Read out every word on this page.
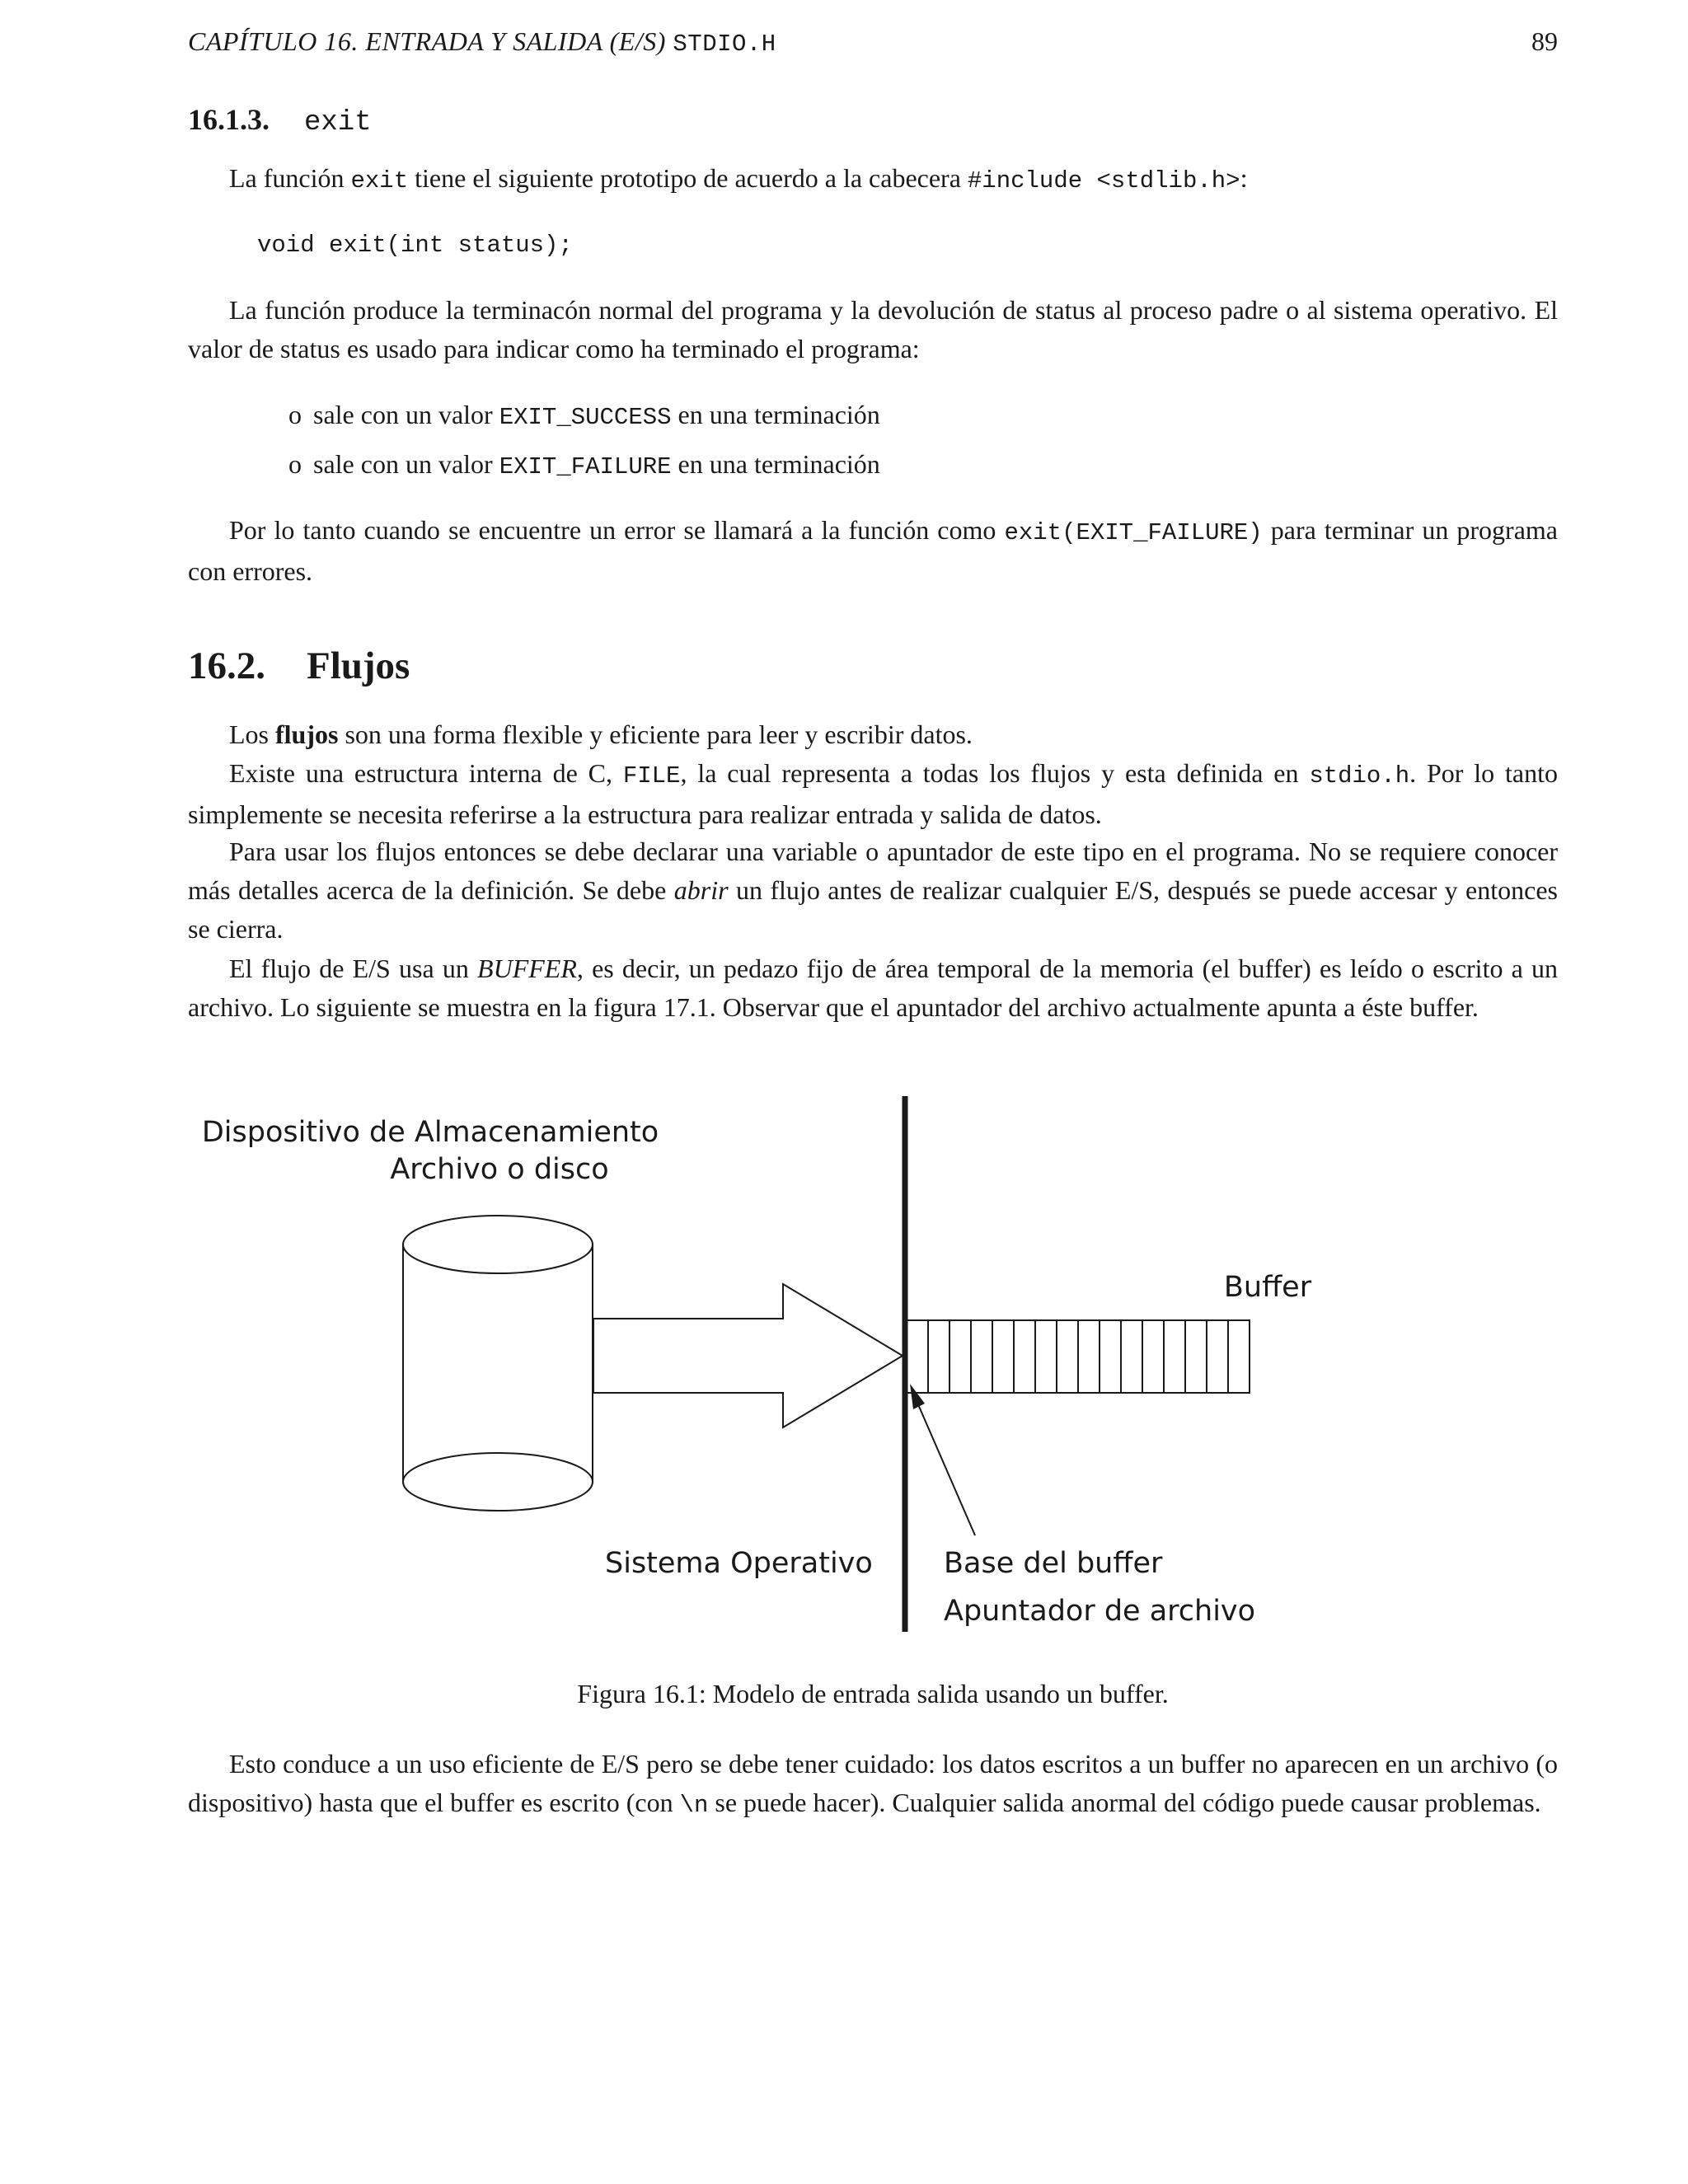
CAPÍTULO 16. ENTRADA Y SALIDA (E/S) STDIO.H	89
16.1.3. exit
La función exit tiene el siguiente prototipo de acuerdo a la cabecera #include <stdlib.h>:
void exit(int status);
La función produce la terminacón normal del programa y la devolución de status al proceso padre o al sistema operativo. El valor de status es usado para indicar como ha terminado el programa:
o sale con un valor EXIT_SUCCESS en una terminación
o sale con un valor EXIT_FAILURE en una terminación
Por lo tanto cuando se encuentre un error se llamará a la función como exit(EXIT_FAILURE) para terminar un programa con errores.
16.2. Flujos
Los flujos son una forma flexible y eficiente para leer y escribir datos.
Existe una estructura interna de C, FILE, la cual representa a todas los flujos y esta definida en stdio.h. Por lo tanto simplemente se necesita referirse a la estructura para realizar entrada y salida de datos.
Para usar los flujos entonces se debe declarar una variable o apuntador de este tipo en el programa. No se requiere conocer más detalles acerca de la definición. Se debe abrir un flujo antes de realizar cualquier E/S, después se puede accesar y entonces se cierra.
El flujo de E/S usa un BUFFER, es decir, un pedazo fijo de área temporal de la memoria (el buffer) es leído o escrito a un archivo. Lo siguiente se muestra en la figura 17.1. Observar que el apuntador del archivo actualmente apunta a éste buffer.
Dispositivo de Almacenamiento
Archivo o disco
Buffer
Sistema Operativo Base del buffer
Apuntador de archivo
Figura 16.1: Modelo de entrada salida usando un buffer.
Esto conduce a un uso eficiente de E/S pero se debe tener cuidado: los datos escritos a un buffer no aparecen en un archivo (o dispositivo) hasta que el buffer es escrito (con \n se puede hacer). Cualquier salida anormal del código puede causar problemas.
